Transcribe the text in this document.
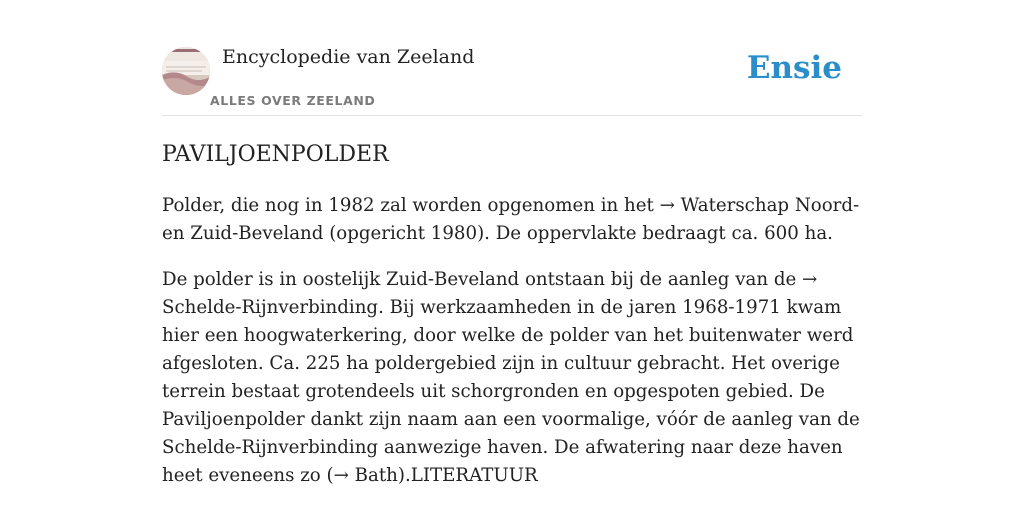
Encyclopedie van Zeeland
ALLES OVER ZEELAND
Ensie
PAVILJOENPOLDER

Polder, die nog in 1982 zal worden opgenomen in het → Waterschap Noord- en Zuid-Beveland (opgericht 1980). De oppervlakte bedraagt ca. 600 ha.

De polder is in oostelijk Zuid-Beveland ontstaan bij de aanleg van de → Schelde-Rijnverbinding. Bij werkzaamheden in de jaren 1968-1971 kwam hier een hoogwaterkering, door welke de polder van het buitenwater werd afgesloten. Ca. 225 ha poldergebied zijn in cultuur gebracht. Het overige terrein bestaat grotendeels uit schorgronden en opgespoten gebied. De Paviljoenpolder dankt zijn naam aan een voormalige, vóór de aanleg van de Schelde-Rijnverbinding aanwezige haven. De afwatering naar deze haven heet eveneens zo (→ Bath).LITERATUUR
